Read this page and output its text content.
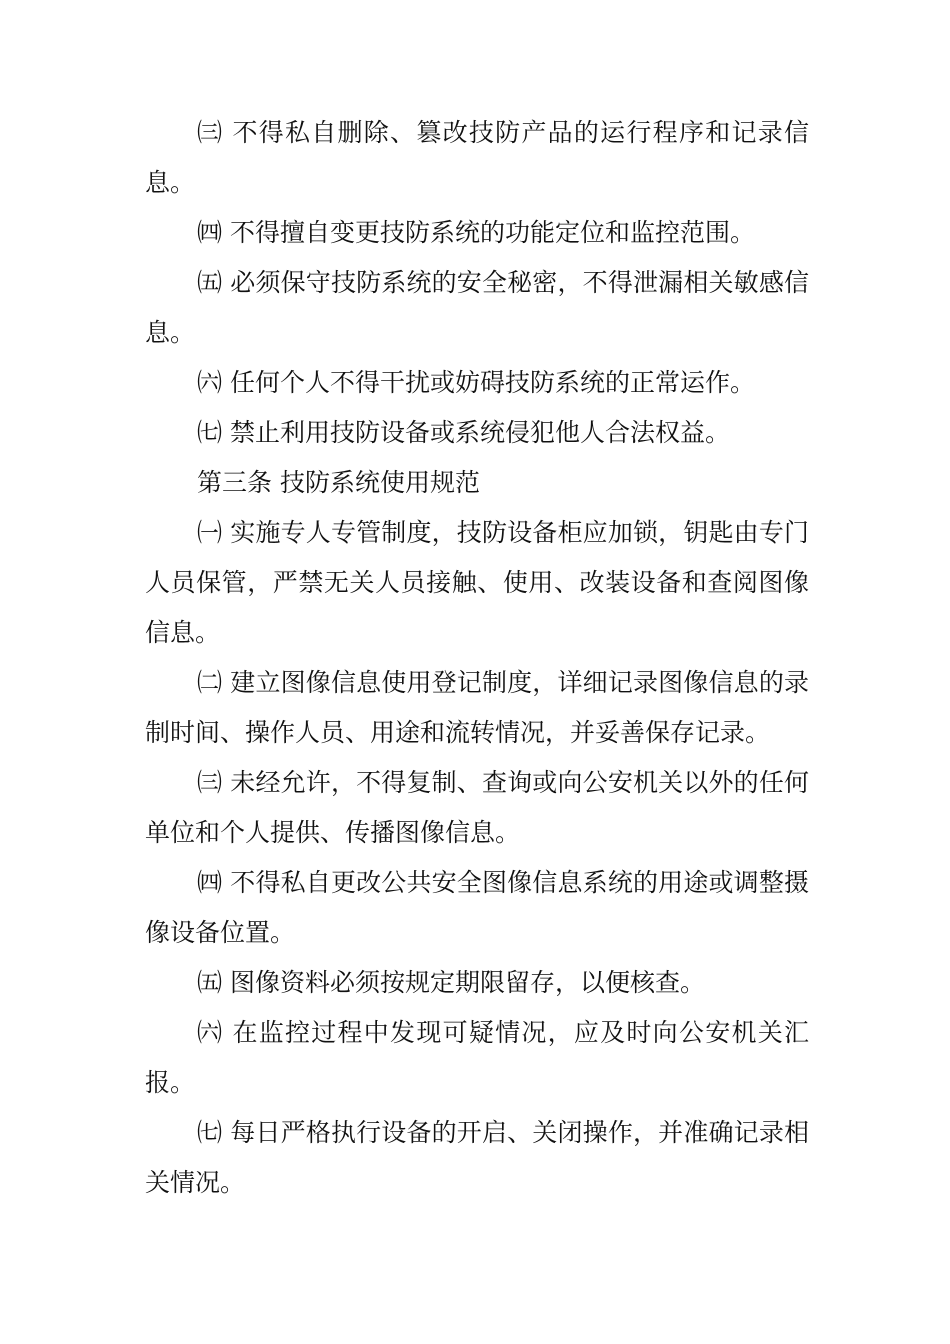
㈢ 不得私自删除、篡改技防产品的运行程序和记录信息。

㈣ 不得擅自变更技防系统的功能定位和监控范围。

㈤ 必须保守技防系统的安全秘密，不得泄漏相关敏感信息。

㈥ 任何个人不得干扰或妨碍技防系统的正常运作。

㈦ 禁止利用技防设备或系统侵犯他人合法权益。

第三条 技防系统使用规范

㈠ 实施专人专管制度，技防设备柜应加锁，钥匙由专门人员保管，严禁无关人员接触、使用、改装设备和查阅图像信息。

㈡ 建立图像信息使用登记制度，详细记录图像信息的录制时间、操作人员、用途和流转情况，并妥善保存记录。

㈢ 未经允许，不得复制、查询或向公安机关以外的任何单位和个人提供、传播图像信息。

㈣ 不得私自更改公共安全图像信息系统的用途或调整摄像设备位置。

㈤ 图像资料必须按规定期限留存，以便核查。

㈥ 在监控过程中发现可疑情况，应及时向公安机关汇报。

㈦ 每日严格执行设备的开启、关闭操作，并准确记录相关情况。
